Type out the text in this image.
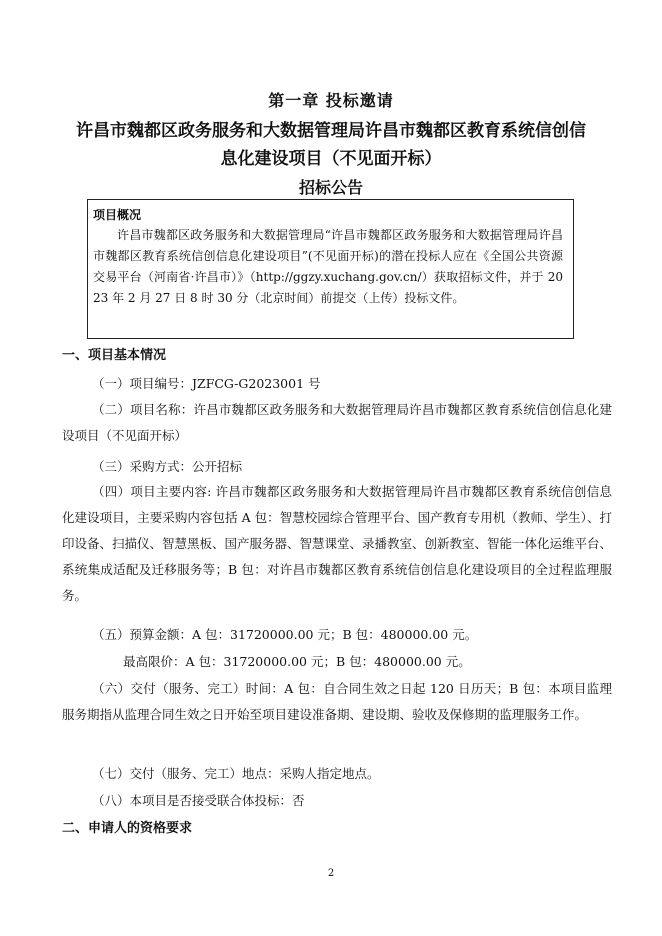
第一章 投标邀请
许昌市魏都区政务服务和大数据管理局许昌市魏都区教育系统信创信息化建设项目（不见面开标）
招标公告
项目概况
许昌市魏都区政务服务和大数据管理局“许昌市魏都区政务服务和大数据管理局许昌市魏都区教育系统信创信息化建设项目”(不见面开标)的潜在投标人应在《全国公共资源交易平台（河南省·许昌市）》（http://ggzy.xuchang.gov.cn/）获取招标文件，并于 2023 年 2 月 27 日 8 时 30 分（北京时间）前提交（上传）投标文件。
一、项目基本情况
（一）项目编号：JZFCG-G2023001 号
（二）项目名称：许昌市魏都区政务服务和大数据管理局许昌市魏都区教育系统信创信息化建设项目（不见面开标）
（三）采购方式：公开招标
（四）项目主要内容: 许昌市魏都区政务服务和大数据管理局许昌市魏都区教育系统信创信息化建设项目，主要采购内容包括 A 包：智慧校园综合管理平台、国产教育专用机（教师、学生）、打印设备、扫描仪、智慧黑板、国产服务器、智慧课堂、录播教室、创新教室、智能一体化运维平台、系统集成适配及迁移服务等；B 包：对许昌市魏都区教育系统信创信息化建设项目的全过程监理服务。
（五）预算金额：A 包：31720000.00 元；B 包：480000.00 元。
最高限价：A 包：31720000.00 元；B 包：480000.00 元。
（六）交付（服务、完工）时间：A 包：自合同生效之日起 120 日历天；B 包：本项目监理服务期指从监理合同生效之日开始至项目建设准备期、建设期、验收及保修期的监理服务工作。
（七）交付（服务、完工）地点：采购人指定地点。
（八）本项目是否接受联合体投标：否
二、申请人的资格要求
2
